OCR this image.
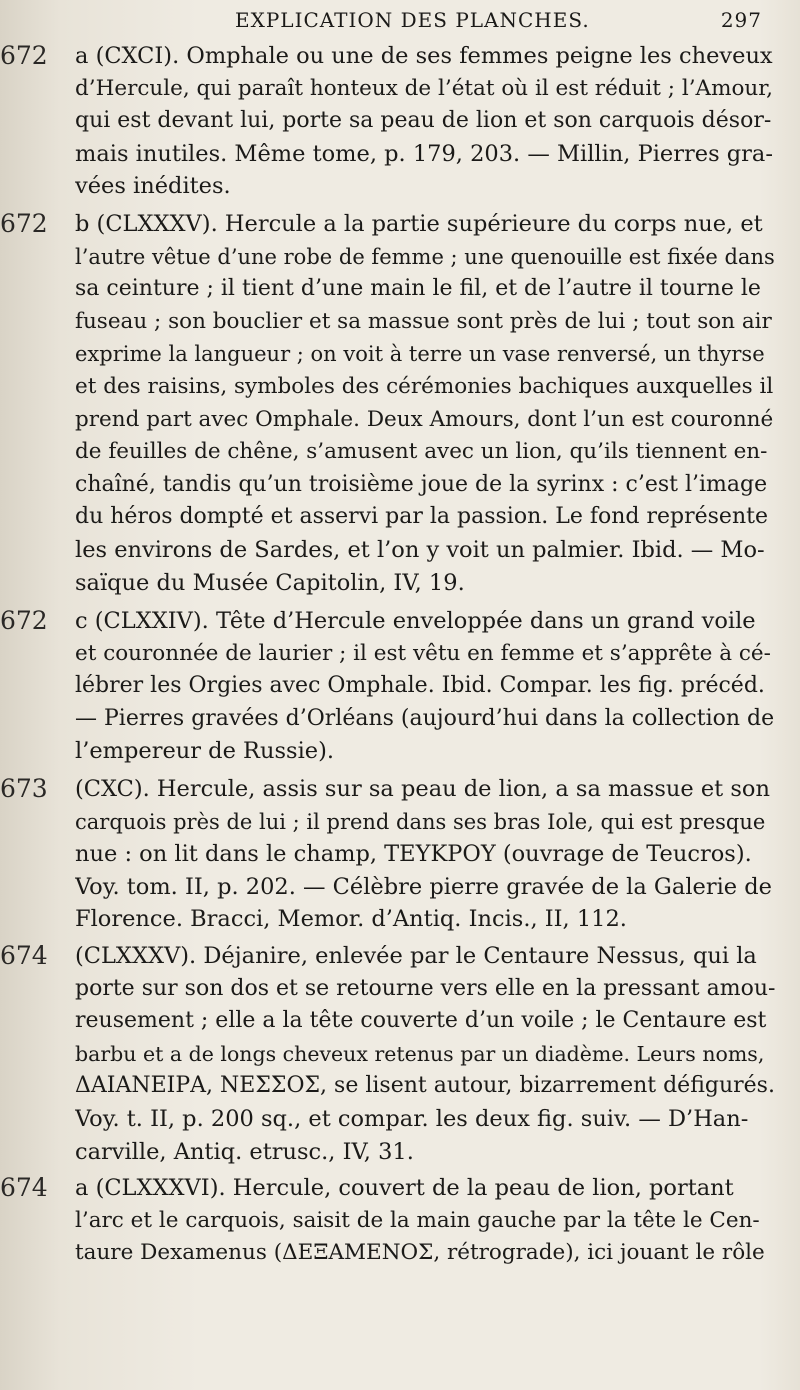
EXPLICATION DES PLANCHES.	297
672	a (CXCI). Omphale ou une de ses femmes peigne les cheveux
d’Hercule, qui paraît honteux de l’état où il est réduit ; l’Amour,
qui est devant lui, porte sa peau de lion et son carquois désor-
mais inutiles. Même tome, p. 179, 203. — Millin, Pierres gra-
vées inédites.
672	b (CLXXXV). Hercule a la partie supérieure du corps nue, et
l’autre vêtue d’une robe de femme ; une quenouille est fixée dans
sa ceinture ; il tient d’une main le fil, et de l’autre il tourne le
fuseau ; son bouclier et sa massue sont près de lui ; tout son air
exprime la langueur ; on voit à terre un vase renversé, un thyrse
et des raisins, symboles des cérémonies bachiques auxquelles il
prend part avec Omphale. Deux Amours, dont l’un est couronné
de feuilles de chêne, s’amusent avec un lion, qu’ils tiennent en-
chaîné, tandis qu’un troisième joue de la syrinx : c’est l’image
du héros dompté et asservi par la passion. Le fond représente
les environs de Sardes, et l’on y voit un palmier. Ibid. — Mo-
saïque du Musée Capitolin, IV, 19.
672	c (CLXXIV). Tête d’Hercule enveloppée dans un grand voile
et couronnée de laurier ; il est vêtu en femme et s’apprête à cé-
lébrer les Orgies avec Omphale. Ibid. Compar. les fig. précéd.
— Pierres gravées d’Orléans (aujourd’hui dans la collection de
l’empereur de Russie).
673	(CXC). Hercule, assis sur sa peau de lion, a sa massue et son
carquois près de lui ; il prend dans ses bras Iole, qui est presque
nue : on lit dans le champ, ΤΕΥΚΡΟΥ (ouvrage de Teucros).
Voy. tom. II, p. 202. — Célèbre pierre gravée de la Galerie de
Florence. Bracci, Memor. d’Antiq. Incis., II, 112.
674	(CLXXXV). Déjanire, enlevée par le Centaure Nessus, qui la
porte sur son dos et se retourne vers elle en la pressant amou-
reusement ; elle a la tête couverte d’un voile ; le Centaure est
barbu et a de longs cheveux retenus par un diadème. Leurs noms,
ΔΑΙΑΝΕΙΡΑ, ΝΕΣΣΟΣ, se lisent autour, bizarrement défigurés.
Voy. t. II, p. 200 sq., et compar. les deux fig. suiv. — D’Han-
carville, Antiq. etrusc., IV, 31.
674	a (CLXXXVI). Hercule, couvert de la peau de lion, portant
l’arc et le carquois, saisit de la main gauche par la tête le Cen-
taure Dexamenus (ΔΕΞΑΜΕΝΟΣ, rétrograde), ici jouant le rôle
